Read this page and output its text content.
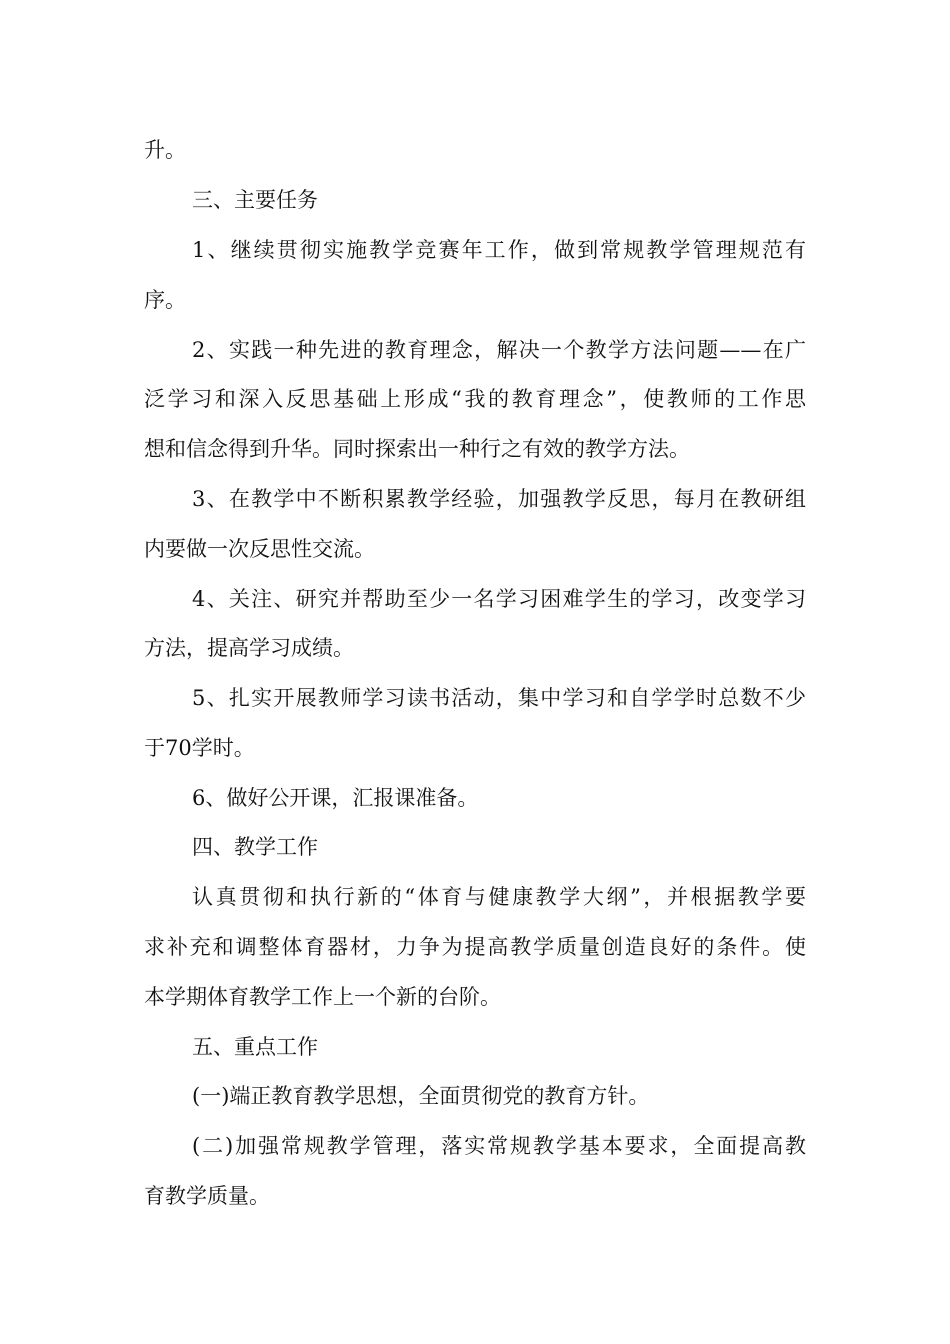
升。
三、主要任务
1、继续贯彻实施教学竞赛年工作，做到常规教学管理规范有
序。
2、实践一种先进的教育理念，解决一个教学方法问题——在广
泛学习和深入反思基础上形成“我的教育理念”，使教师的工作思
想和信念得到升华。同时探索出一种行之有效的教学方法。
3、在教学中不断积累教学经验，加强教学反思，每月在教研组
内要做一次反思性交流。
4、关注、研究并帮助至少一名学习困难学生的学习，改变学习
方法，提高学习成绩。
5、扎实开展教师学习读书活动，集中学习和自学学时总数不少
于70学时。
6、做好公开课，汇报课准备。
四、教学工作
认真贯彻和执行新的“体育与健康教学大纲”，并根据教学要
求补充和调整体育器材，力争为提高教学质量创造良好的条件。使
本学期体育教学工作上一个新的台阶。
五、重点工作
(一)端正教育教学思想，全面贯彻党的教育方针。
(二)加强常规教学管理，落实常规教学基本要求，全面提高教
育教学质量。
